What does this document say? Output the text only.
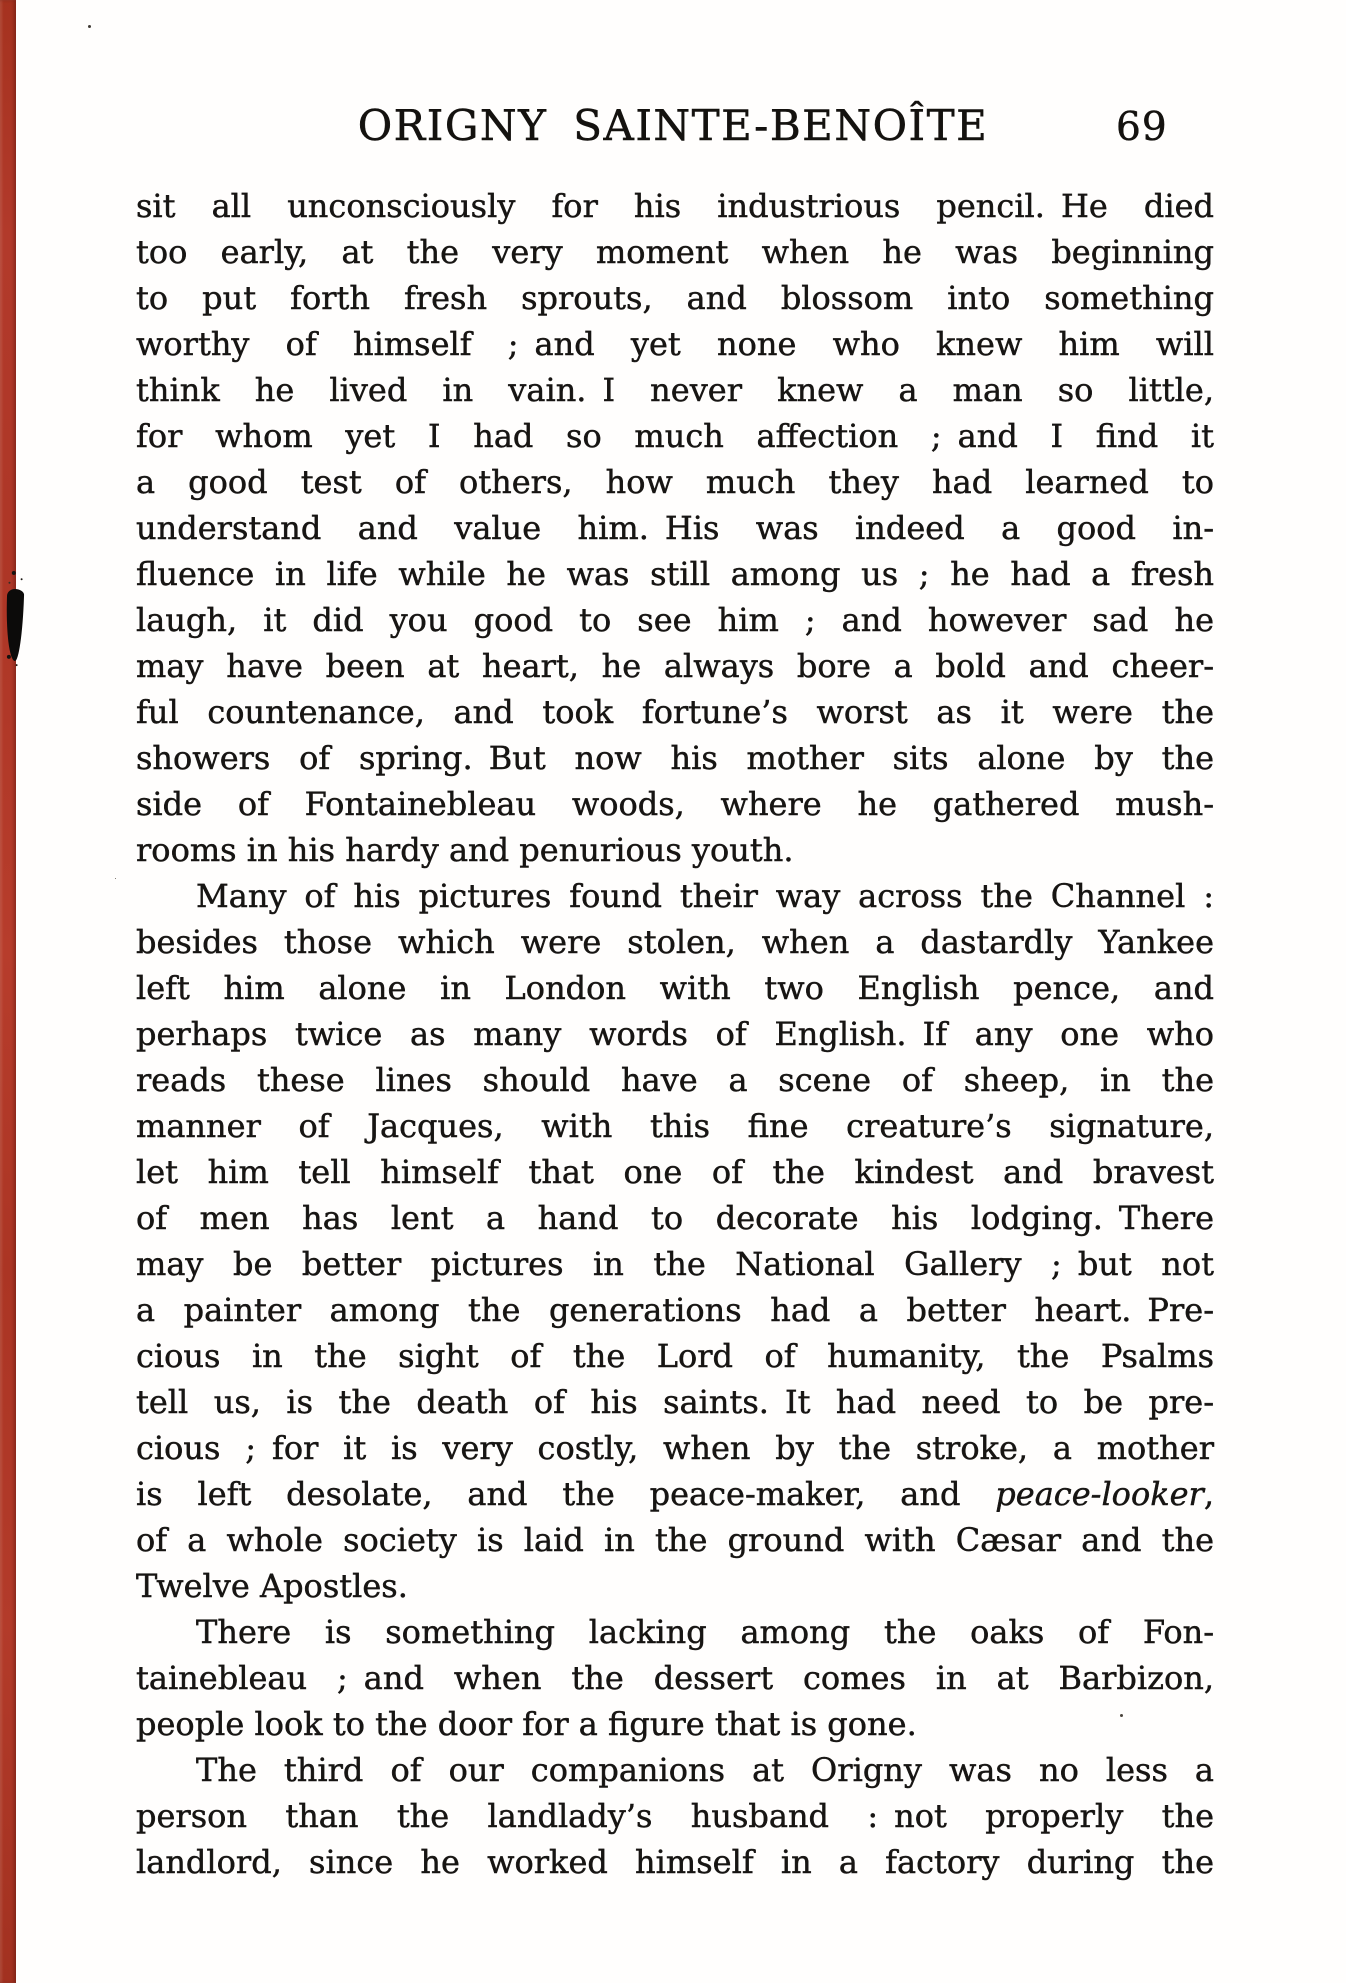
ORIGNY SAINTE-BENOÎTE	69
sit all unconsciously for his industrious pencil. He died
too early, at the very moment when he was beginning
to put forth fresh sprouts, and blossom into something
worthy of himself ; and yet none who knew him will
think he lived in vain. I never knew a man so little,
for whom yet I had so much affection ; and I find it
a good test of others, how much they had learned to
understand and value him. His was indeed a good in-
fluence in life while he was still among us ; he had a fresh
laugh, it did you good to see him ; and however sad he
may have been at heart, he always bore a bold and cheer-
ful countenance, and took fortune’s worst as it were the
showers of spring. But now his mother sits alone by the
side of Fontainebleau woods, where he gathered mush-
rooms in his hardy and penurious youth.
Many of his pictures found their way across the Channel :
besides those which were stolen, when a dastardly Yankee
left him alone in London with two English pence, and
perhaps twice as many words of English. If any one who
reads these lines should have a scene of sheep, in the
manner of Jacques, with this fine creature’s signature,
let him tell himself that one of the kindest and bravest
of men has lent a hand to decorate his lodging. There
may be better pictures in the National Gallery ; but not
a painter among the generations had a better heart. Pre-
cious in the sight of the Lord of humanity, the Psalms
tell us, is the death of his saints. It had need to be pre-
cious ; for it is very costly, when by the stroke, a mother
is left desolate, and the peace-maker, and peace-looker,
of a whole society is laid in the ground with Cæsar and the
Twelve Apostles.
There is something lacking among the oaks of Fon-
tainebleau ; and when the dessert comes in at Barbizon,
people look to the door for a figure that is gone.
The third of our companions at Origny was no less a
person than the landlady’s husband : not properly the
landlord, since he worked himself in a factory during the
